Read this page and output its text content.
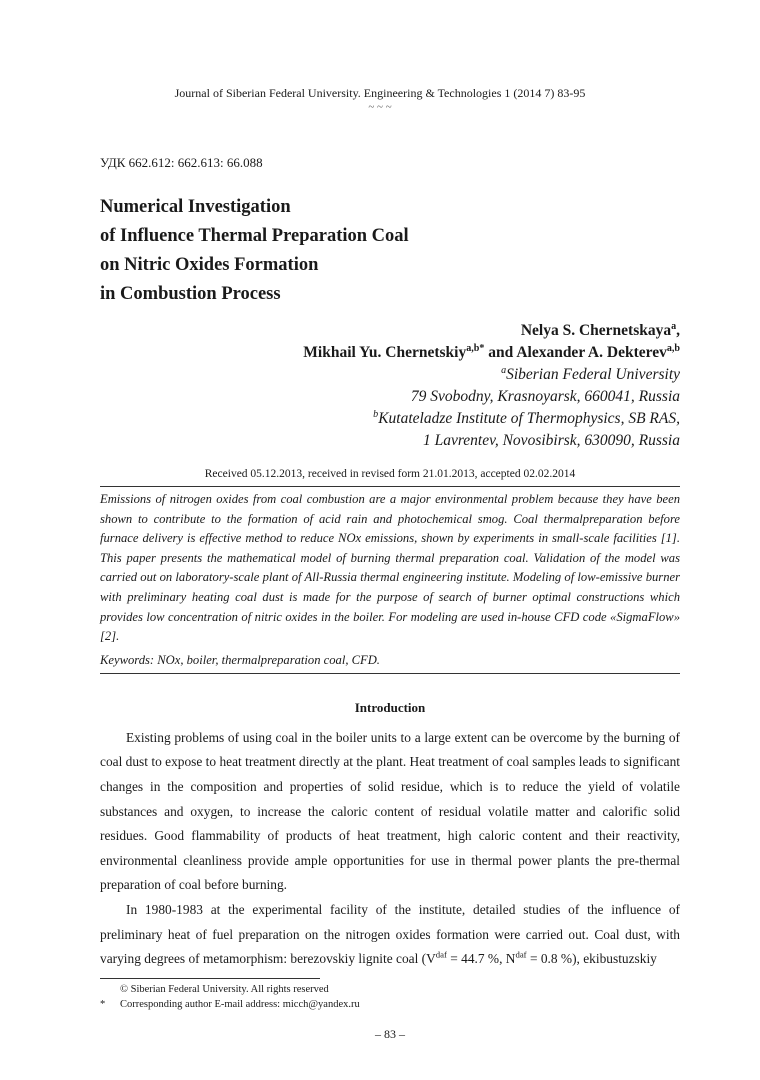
Journal of Siberian Federal University. Engineering & Technologies 1 (2014 7) 83-95
~ ~ ~
УДК 662.612: 662.613: 66.088
Numerical Investigation
of Influence Thermal Preparation Coal
on Nitric Oxides Formation
in Combustion Process
Nelya S. Chernetskaya$^a$,
Mikhail Yu. Chernetskiy$^{a,b*}$ and Alexander A. Dekterev$^{a,b}$
$^a$Siberian Federal University
79 Svobodny, Krasnoyarsk, 660041, Russia
$^b$Kutateladze Institute of Thermophysics, SB RAS,
1 Lavrentev, Novosibirsk, 630090, Russia
Received 05.12.2013, received in revised form 21.01.2013, accepted 02.02.2014
Emissions of nitrogen oxides from coal combustion are a major environmental problem because they have been shown to contribute to the formation of acid rain and photochemical smog. Coal thermalpreparation before furnace delivery is effective method to reduce NOx emissions, shown by experiments in small-scale facilities [1]. This paper presents the mathematical model of burning thermal preparation coal. Validation of the model was carried out on laboratory-scale plant of All-Russia thermal engineering institute. Modeling of low-emissive burner with preliminary heating coal dust is made for the purpose of search of burner optimal constructions which provides low concentration of nitric oxides in the boiler. For modeling are used in-house CFD code «SigmaFlow» [2].
Keywords: NOx, boiler, thermalpreparation coal, CFD.
Introduction

Existing problems of using coal in the boiler units to a large extent can be overcome by the burning of coal dust to expose to heat treatment directly at the plant. Heat treatment of coal samples leads to significant changes in the composition and properties of solid residue, which is to reduce the yield of volatile substances and oxygen, to increase the caloric content of residual volatile matter and calorific solid residues. Good flammability of products of heat treatment, high caloric content and their reactivity, environmental cleanliness provide ample opportunities for use in thermal power plants the pre-thermal preparation of coal before burning.

In 1980-1983 at the experimental facility of the institute, detailed studies of the influence of preliminary heat of fuel preparation on the nitrogen oxides formation were carried out. Coal dust, with varying degrees of metamorphism: berezovskiy lignite coal ($V^{daf} = 44.7$ %, $N^{daf} = 0.8$ %), ekibustuzskiy

© Siberian Federal University. All rights reserved
* Corresponding author E-mail address: micch@yandex.ru
– 83 –
